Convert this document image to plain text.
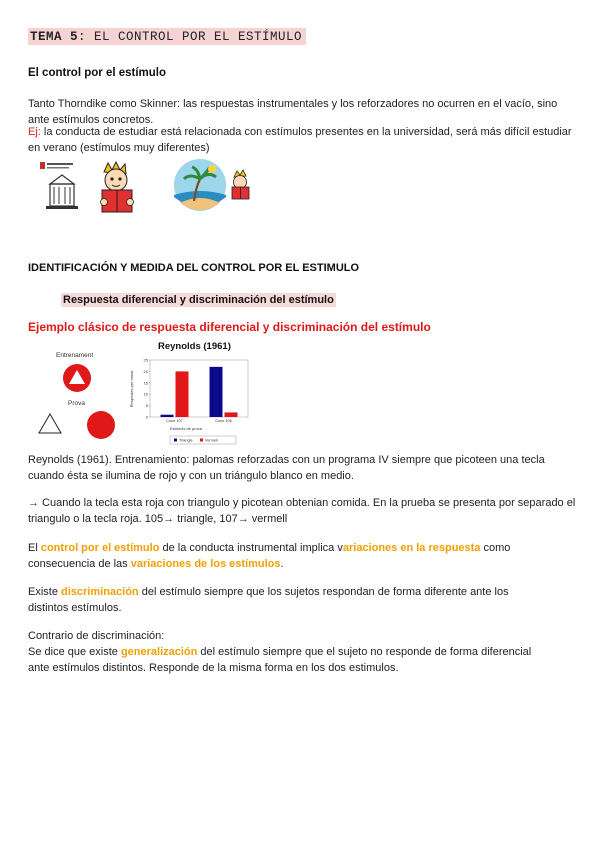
TEMA 5: EL CONTROL POR EL ESTÍMULO
El control por el estímulo
Tanto Thorndike como Skinner: las respuestas instrumentales y los reforzadores no ocurren en el vacío, sino ante estímulos concretos.
Ej: la conducta de estudiar está relacionada con estímulos presentes en la universidad, será más difícil estudiar en verano (estímulos muy diferentes)
IDENTIFICACIÓN Y MEDIDA DEL CONTROL POR EL ESTIMULO
Respuesta diferencial y discriminación del estímulo
Ejemplo clásico de respuesta diferencial y discriminación del estímulo
Entrenament
Prova
Reynolds (1961)
Respostes per minut
0
5
10
15
20
25
Color 107	Color 105
Estímuls de prova
Triangle	Vermell
Reynolds (1961). Entrenamiento: palomas reforzadas con un programa IV siempre que picoteen una tecla cuando ésta se ilumina de rojo y con un triángulo blanco en medio.
→ Cuando la tecla esta roja con triangulo y picotean obtenian comida. En la prueba se presenta por separado el triangulo o la tecla roja. 105→ triangle, 107→ vermell
El control por el estímulo de la conducta instrumental implica variaciones en la respuesta como consecuencia de las variaciones de los estímulos.
Existe discriminación del estímulo siempre que los sujetos respondan de forma diferente ante los distintos estímulos.
Contrario de discriminación:
Se dice que existe generalización del estímulo siempre que el sujeto no responde de forma diferencial ante estímulos distintos. Responde de la misma forma en los dos estimulos.
